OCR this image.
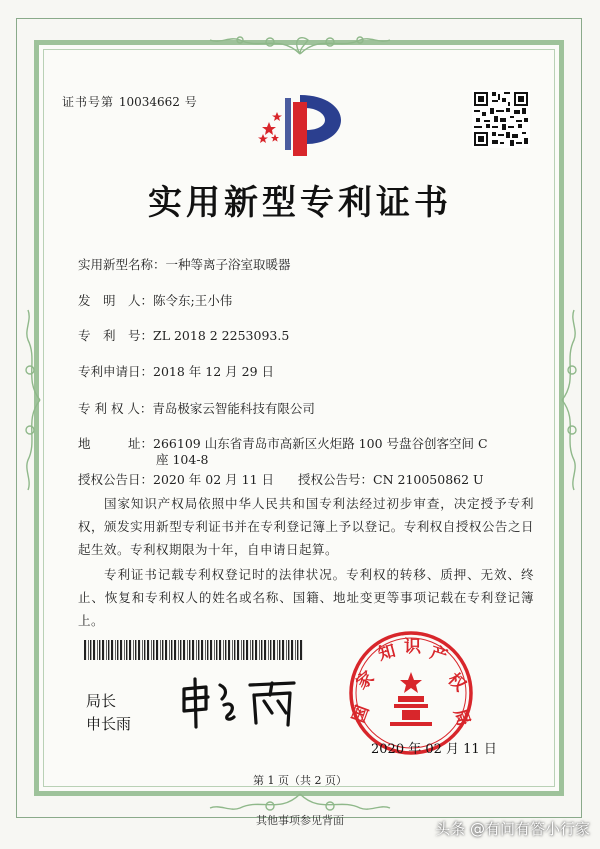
证书号第 10034662 号
实用新型专利证书
实用新型名称：一种等离子浴室取暖器
发　明　人：陈令东;王小伟
专　利　号：ZL 2018 2 2253093.5
专利申请日：2018 年 12 月 29 日
专 利 权 人：青岛极家云智能科技有限公司
地　　　址：266109 山东省青岛市高新区火炬路 100 号盘谷创客空间 C
座 104-8
授权公告日：2020 年 02 月 11 日 授权公告号：CN 210050862 U
国家知识产权局依照中华人民共和国专利法经过初步审查，决定授予专利权，颁发实用新型专利证书并在专利登记簿上予以登记。专利权自授权公告之日起生效。专利权期限为十年，自申请日起算。
专利证书记载专利权登记时的法律状况。专利权的转移、质押、无效、终止、恢复和专利权人的姓名或名称、国籍、地址变更等事项记载在专利登记簿上。
局长
申长雨	国
家
知 识 产
权
局
2020 年 02 月 11 日
第 1 页（共 2 页）
其他事项参见背面	头条 @有问有答小行家
